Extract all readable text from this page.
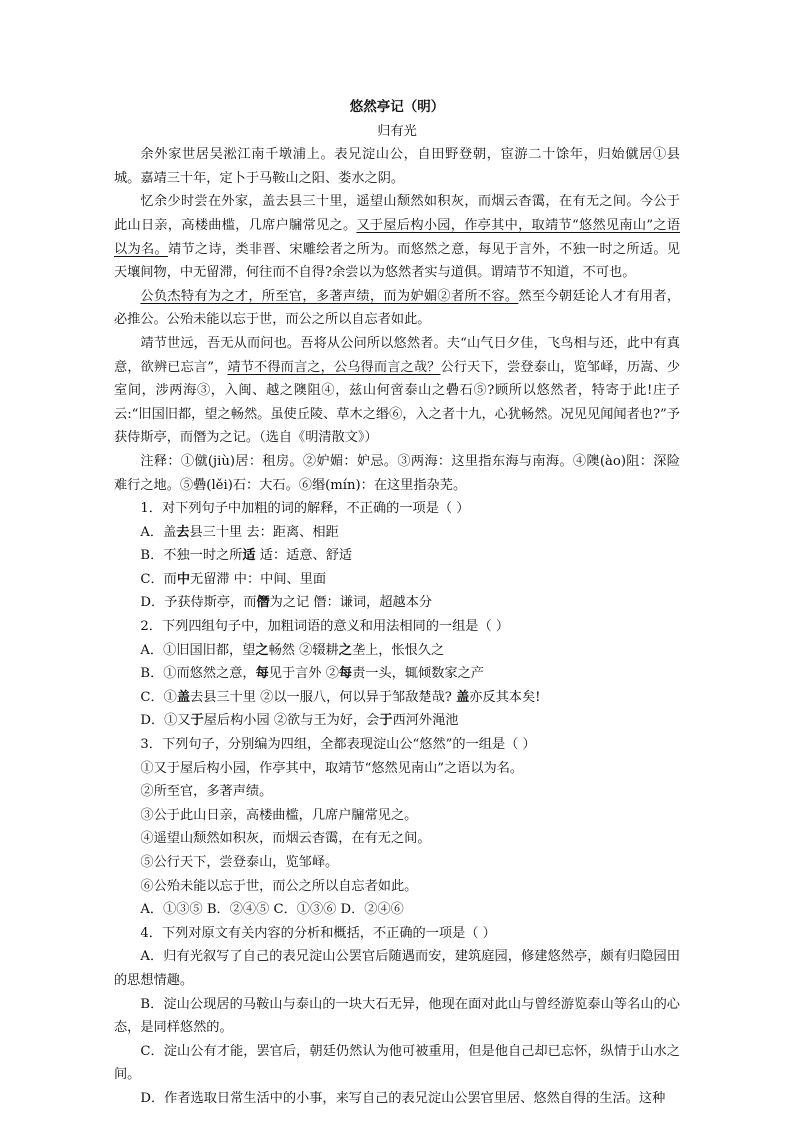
悠然亭记（明）

归有光

余外家世居吴淞江南千墩浦上。表兄淀山公，自田野登朝，宦游二十馀年，归始僦居①县城。嘉靖三十年，定卜于马鞍山之阳、娄水之阴。

忆余少时尝在外家，盖去县三十里，遥望山颓然如积灰，而烟云杳霭，在有无之间。今公于此山日亲，高楼曲槛，几席户牖常见之。又于屋后构小园，作亭其中，取靖节“悠然见南山”之语以为名。靖节之诗，类非晋、宋雕绘者之所为。而悠然之意，每见于言外，不独一时之所适。见天壤间物，中无留滞，何往而不自得?余尝以为悠然者实与道俱。谓靖节不知道，不可也。

公负杰特有为之才，所至官，多著声绩，而为妒媚②者所不容。然至今朝廷论人才有用者，必推公。公殆未能以忘于世，而公之所以自忘者如此。

靖节世远，吾无从而问也。吾将从公问所以悠然者。夫“山气日夕佳，飞鸟相与还，此中有真意，欲辨已忘言”，靖节不得而言之，公乌得而言之哉？公行天下，尝登泰山，览邹峄，历嵩、少室间，涉两海③，入闽、越之隩阻④，兹山何啻泰山之礨石⑤?顾所以悠然者，特寄于此!庄子云:“旧国旧都，望之畅然。虽使丘陵、草木之缗⑥，入之者十九，心犹畅然。况见见闻闻者也?”予获侍斯亭，而僭为之记。（选自《明清散文》）

注释：①僦(jiù)居：租房。②妒媚：妒忌。③两海：这里指东海与南海。④隩(ào)阻：深险难行之地。⑤礨(lěi)石：大石。⑥缗(mín)：在这里指杂芜。

1．对下列句子中加粗的词的解释，不正确的一项是（ ）

A．盖去县三十里 去：距离、相距

B．不独一时之所适 适：适意、舒适

C．而中无留滞 中：中间、里面

D．予获侍斯亭，而僭为之记 僭：谦词，超越本分

2．下列四组句子中，加粗词语的意义和用法相同的一组是（ ）

A．①旧国旧都，望之畅然 ②辍耕之垄上，怅恨久之

B．①而悠然之意，每见于言外 ②每责一头，辄倾数家之产

C．①盖去县三十里 ②以一服八，何以异于邹敌楚哉? 盖亦反其本矣!

D．①又于屋后构小园 ②欲与王为好，会于西河外渑池

3．下列句子，分别编为四组，全都表现淀山公“悠然”的一组是（ ）

①又于屋后构小园，作亭其中，取靖节“悠然见南山”之语以为名。

②所至官，多著声绩。

③公于此山日亲，高楼曲槛，几席户牖常见之。

④遥望山颓然如积灰，而烟云杳霭，在有无之间。

⑤公行天下，尝登泰山，览邹峄。

⑥公殆未能以忘于世，而公之所以自忘者如此。

A．①③⑤ B．②④⑤ C．①③⑥ D．②④⑥

4．下列对原文有关内容的分析和概括，不正确的一项是（ ）

A．归有光叙写了自己的表兄淀山公罢官后随遇而安，建筑庭园，修建悠然亭，颇有归隐园田的思想情趣。

B．淀山公现居的马鞍山与泰山的一块大石无异，他现在面对此山与曾经游览泰山等名山的心态，是同样悠然的。

C．淀山公有才能，罢官后，朝廷仍然认为他可被重用，但是他自己却已忘怀，纵情于山水之间。

D．作者选取日常生活中的小事，来写自己的表兄淀山公罢官里居、悠然自得的生活。这种
